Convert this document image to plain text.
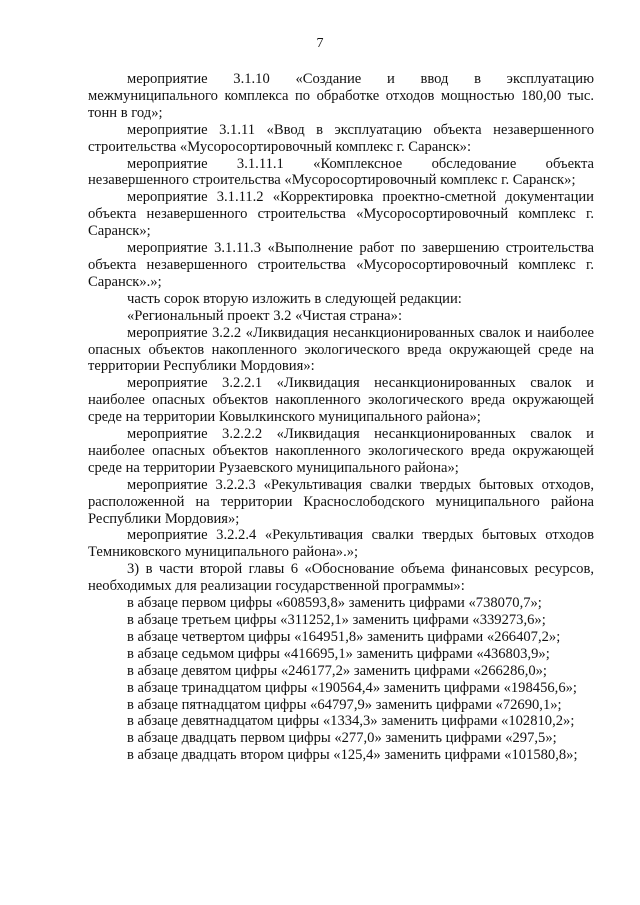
7

мероприятие 3.1.10 «Создание и ввод в эксплуатацию межмуниципального комплекса по обработке отходов мощностью 180,00 тыс. тонн в год»;

мероприятие 3.1.11 «Ввод в эксплуатацию объекта незавершенного строительства «Мусоросортировочный комплекс г. Саранск»:

мероприятие 3.1.11.1 «Комплексное обследование объекта незавершенного строительства «Мусоросортировочный комплекс г. Саранск»;

мероприятие 3.1.11.2 «Корректировка проектно-сметной документации объекта незавершенного строительства «Мусоросортировочный комплекс г. Саранск»;

мероприятие 3.1.11.3 «Выполнение работ по завершению строительства объекта незавершенного строительства «Мусоросортировочный комплекс г. Саранск».»;

часть сорок вторую изложить в следующей редакции:

«Региональный проект 3.2 «Чистая страна»:

мероприятие 3.2.2 «Ликвидация несанкционированных свалок и наиболее опасных объектов накопленного экологического вреда окружающей среде на территории Республики Мордовия»:

мероприятие 3.2.2.1 «Ликвидация несанкционированных свалок и наиболее опасных объектов накопленного экологического вреда окружающей среде на территории Ковылкинского муниципального района»;

мероприятие 3.2.2.2 «Ликвидация несанкционированных свалок и наиболее опасных объектов накопленного экологического вреда окружающей среде на территории Рузаевского муниципального района»;

мероприятие 3.2.2.3 «Рекультивация свалки твердых бытовых отходов, расположенной на территории Краснослободского муниципального района Республики Мордовия»;

мероприятие 3.2.2.4 «Рекультивация свалки твердых бытовых отходов Темниковского муниципального района».»;

3) в части второй главы 6 «Обоснование объема финансовых ресурсов, необходимых для реализации государственной программы»:

в абзаце первом цифры «608593,8» заменить цифрами «738070,7»;

в абзаце третьем цифры «311252,1» заменить цифрами «339273,6»;

в абзаце четвертом цифры «164951,8» заменить цифрами «266407,2»;

в абзаце седьмом цифры «416695,1» заменить цифрами «436803,9»;

в абзаце девятом цифры «246177,2» заменить цифрами «266286,0»;

в абзаце тринадцатом цифры «190564,4» заменить цифрами «198456,6»;

в абзаце пятнадцатом цифры «64797,9» заменить цифрами «72690,1»;

в абзаце девятнадцатом цифры «1334,3» заменить цифрами «102810,2»;

в абзаце двадцать первом цифры «277,0» заменить цифрами «297,5»;

в абзаце двадцать втором цифры «125,4» заменить цифрами «101580,8»;
